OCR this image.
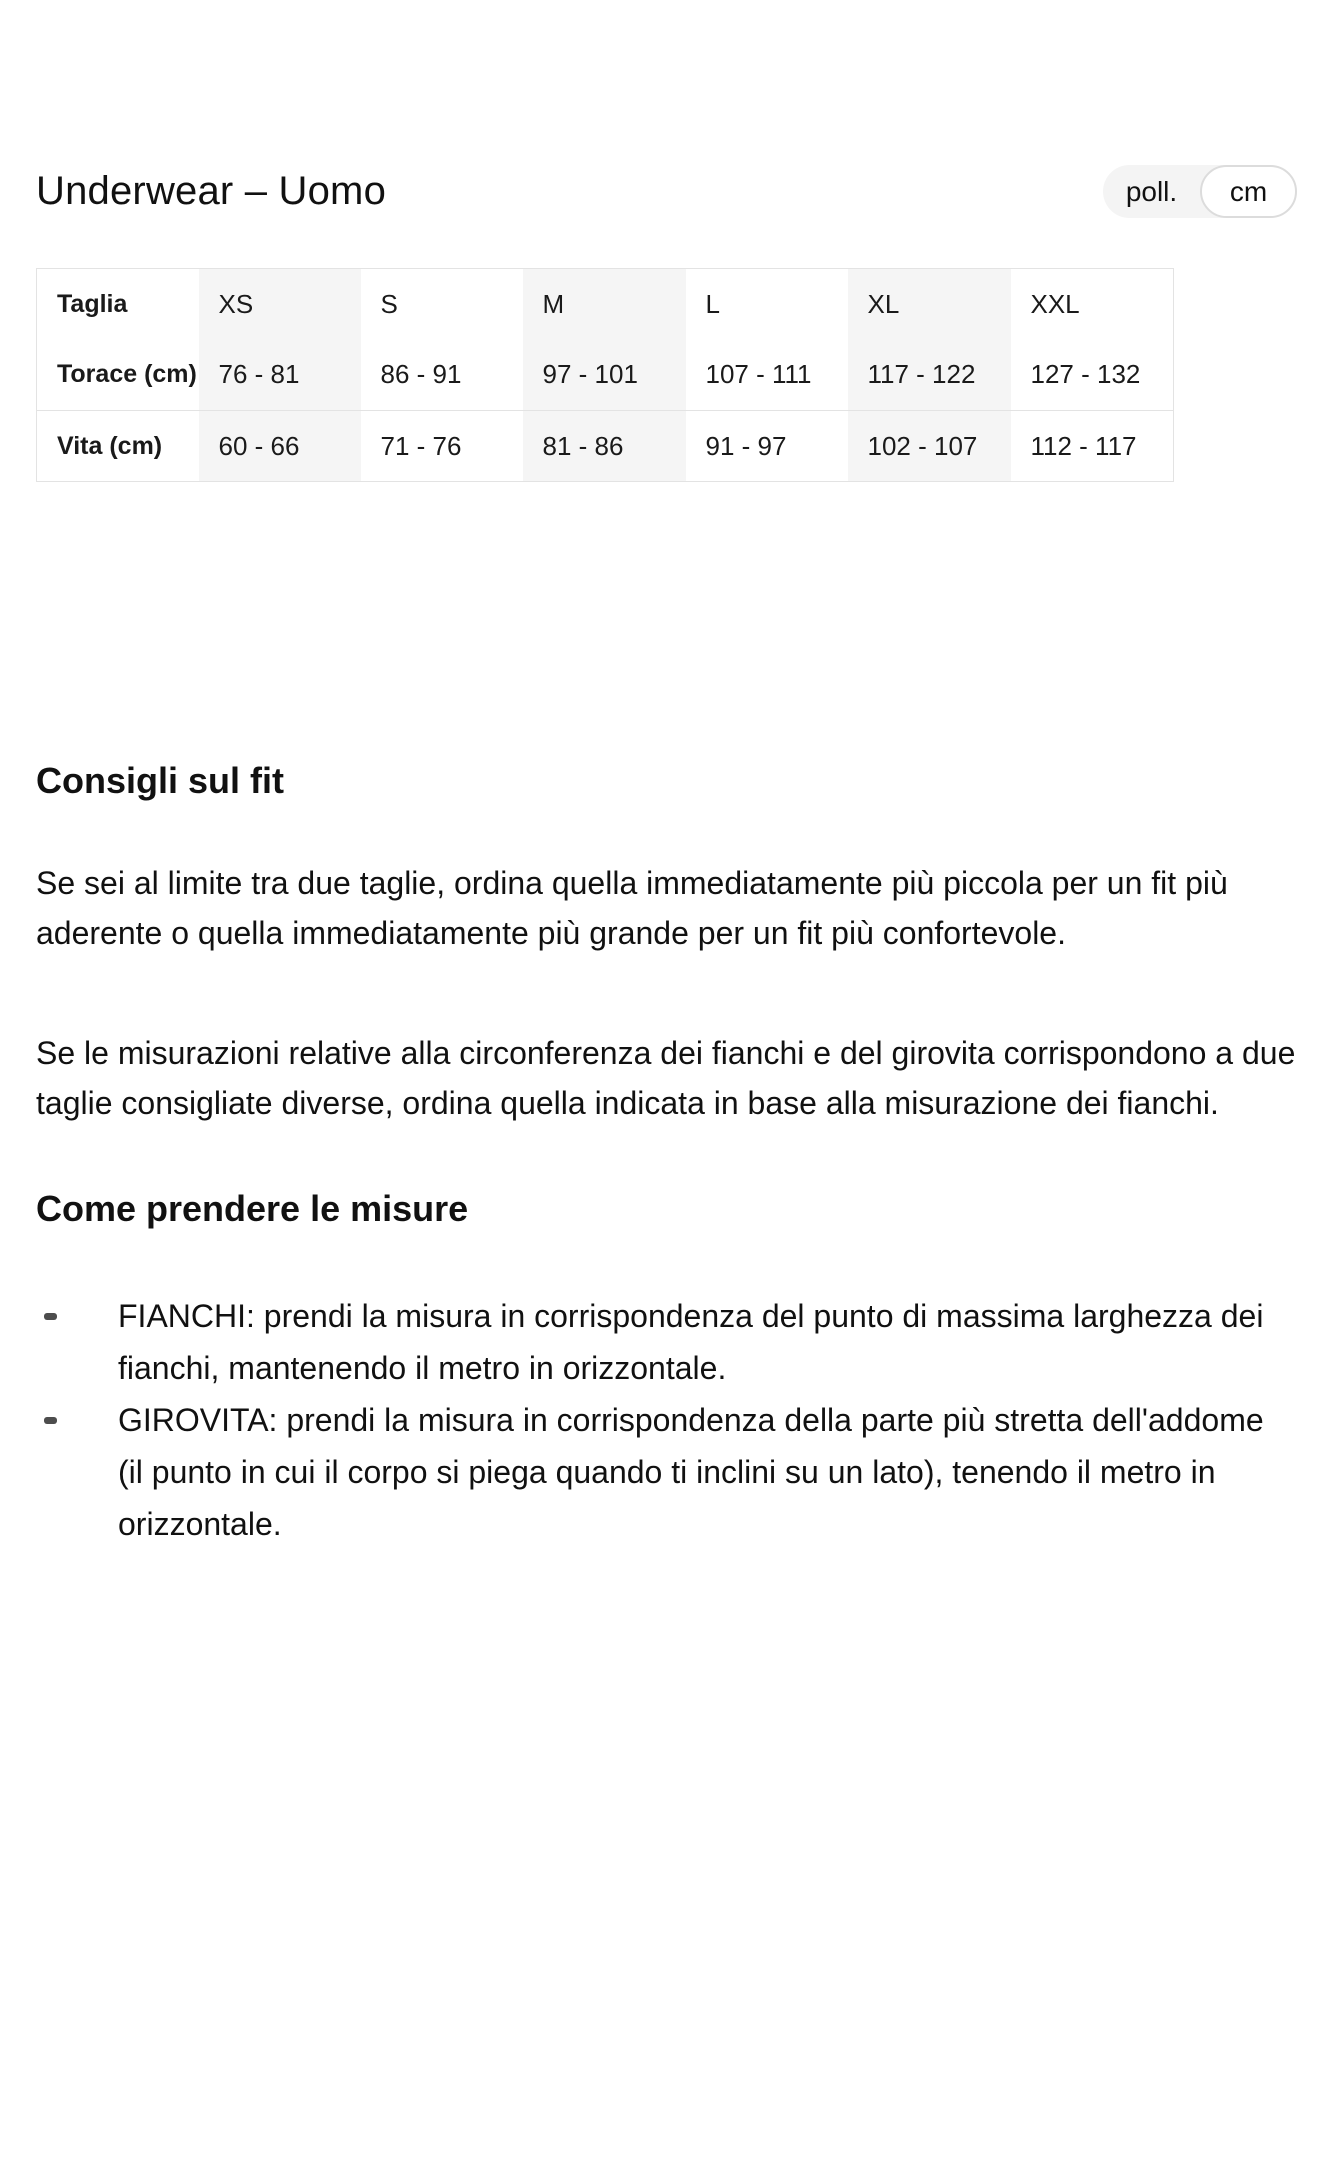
Underwear – Uomo	poll.	cm
Taglia	XS	S	M	L	XL	XXL
Torace (cm)	76 - 81	86 - 91	97 - 101	107 - 111	117 - 122	127 - 132
Vita (cm)	60 - 66	71 - 76	81 - 86	91 - 97	102 - 107	112 - 117
Consigli sul fit

Se sei al limite tra due taglie, ordina quella immediatamente più piccola per un fit più aderente o quella immediatamente più grande per un fit più confortevole.

Se le misurazioni relative alla circonferenza dei fianchi e del girovita corrispondono a due taglie consigliate diverse, ordina quella indicata in base alla misurazione dei fianchi.

Come prendere le misure
FIANCHI: prendi la misura in corrispondenza del punto di massima larghezza dei fianchi, mantenendo il metro in orizzontale.
GIROVITA: prendi la misura in corrispondenza della parte più stretta dell'addome (il punto in cui il corpo si piega quando ti inclini su un lato), tenendo il metro in orizzontale.
